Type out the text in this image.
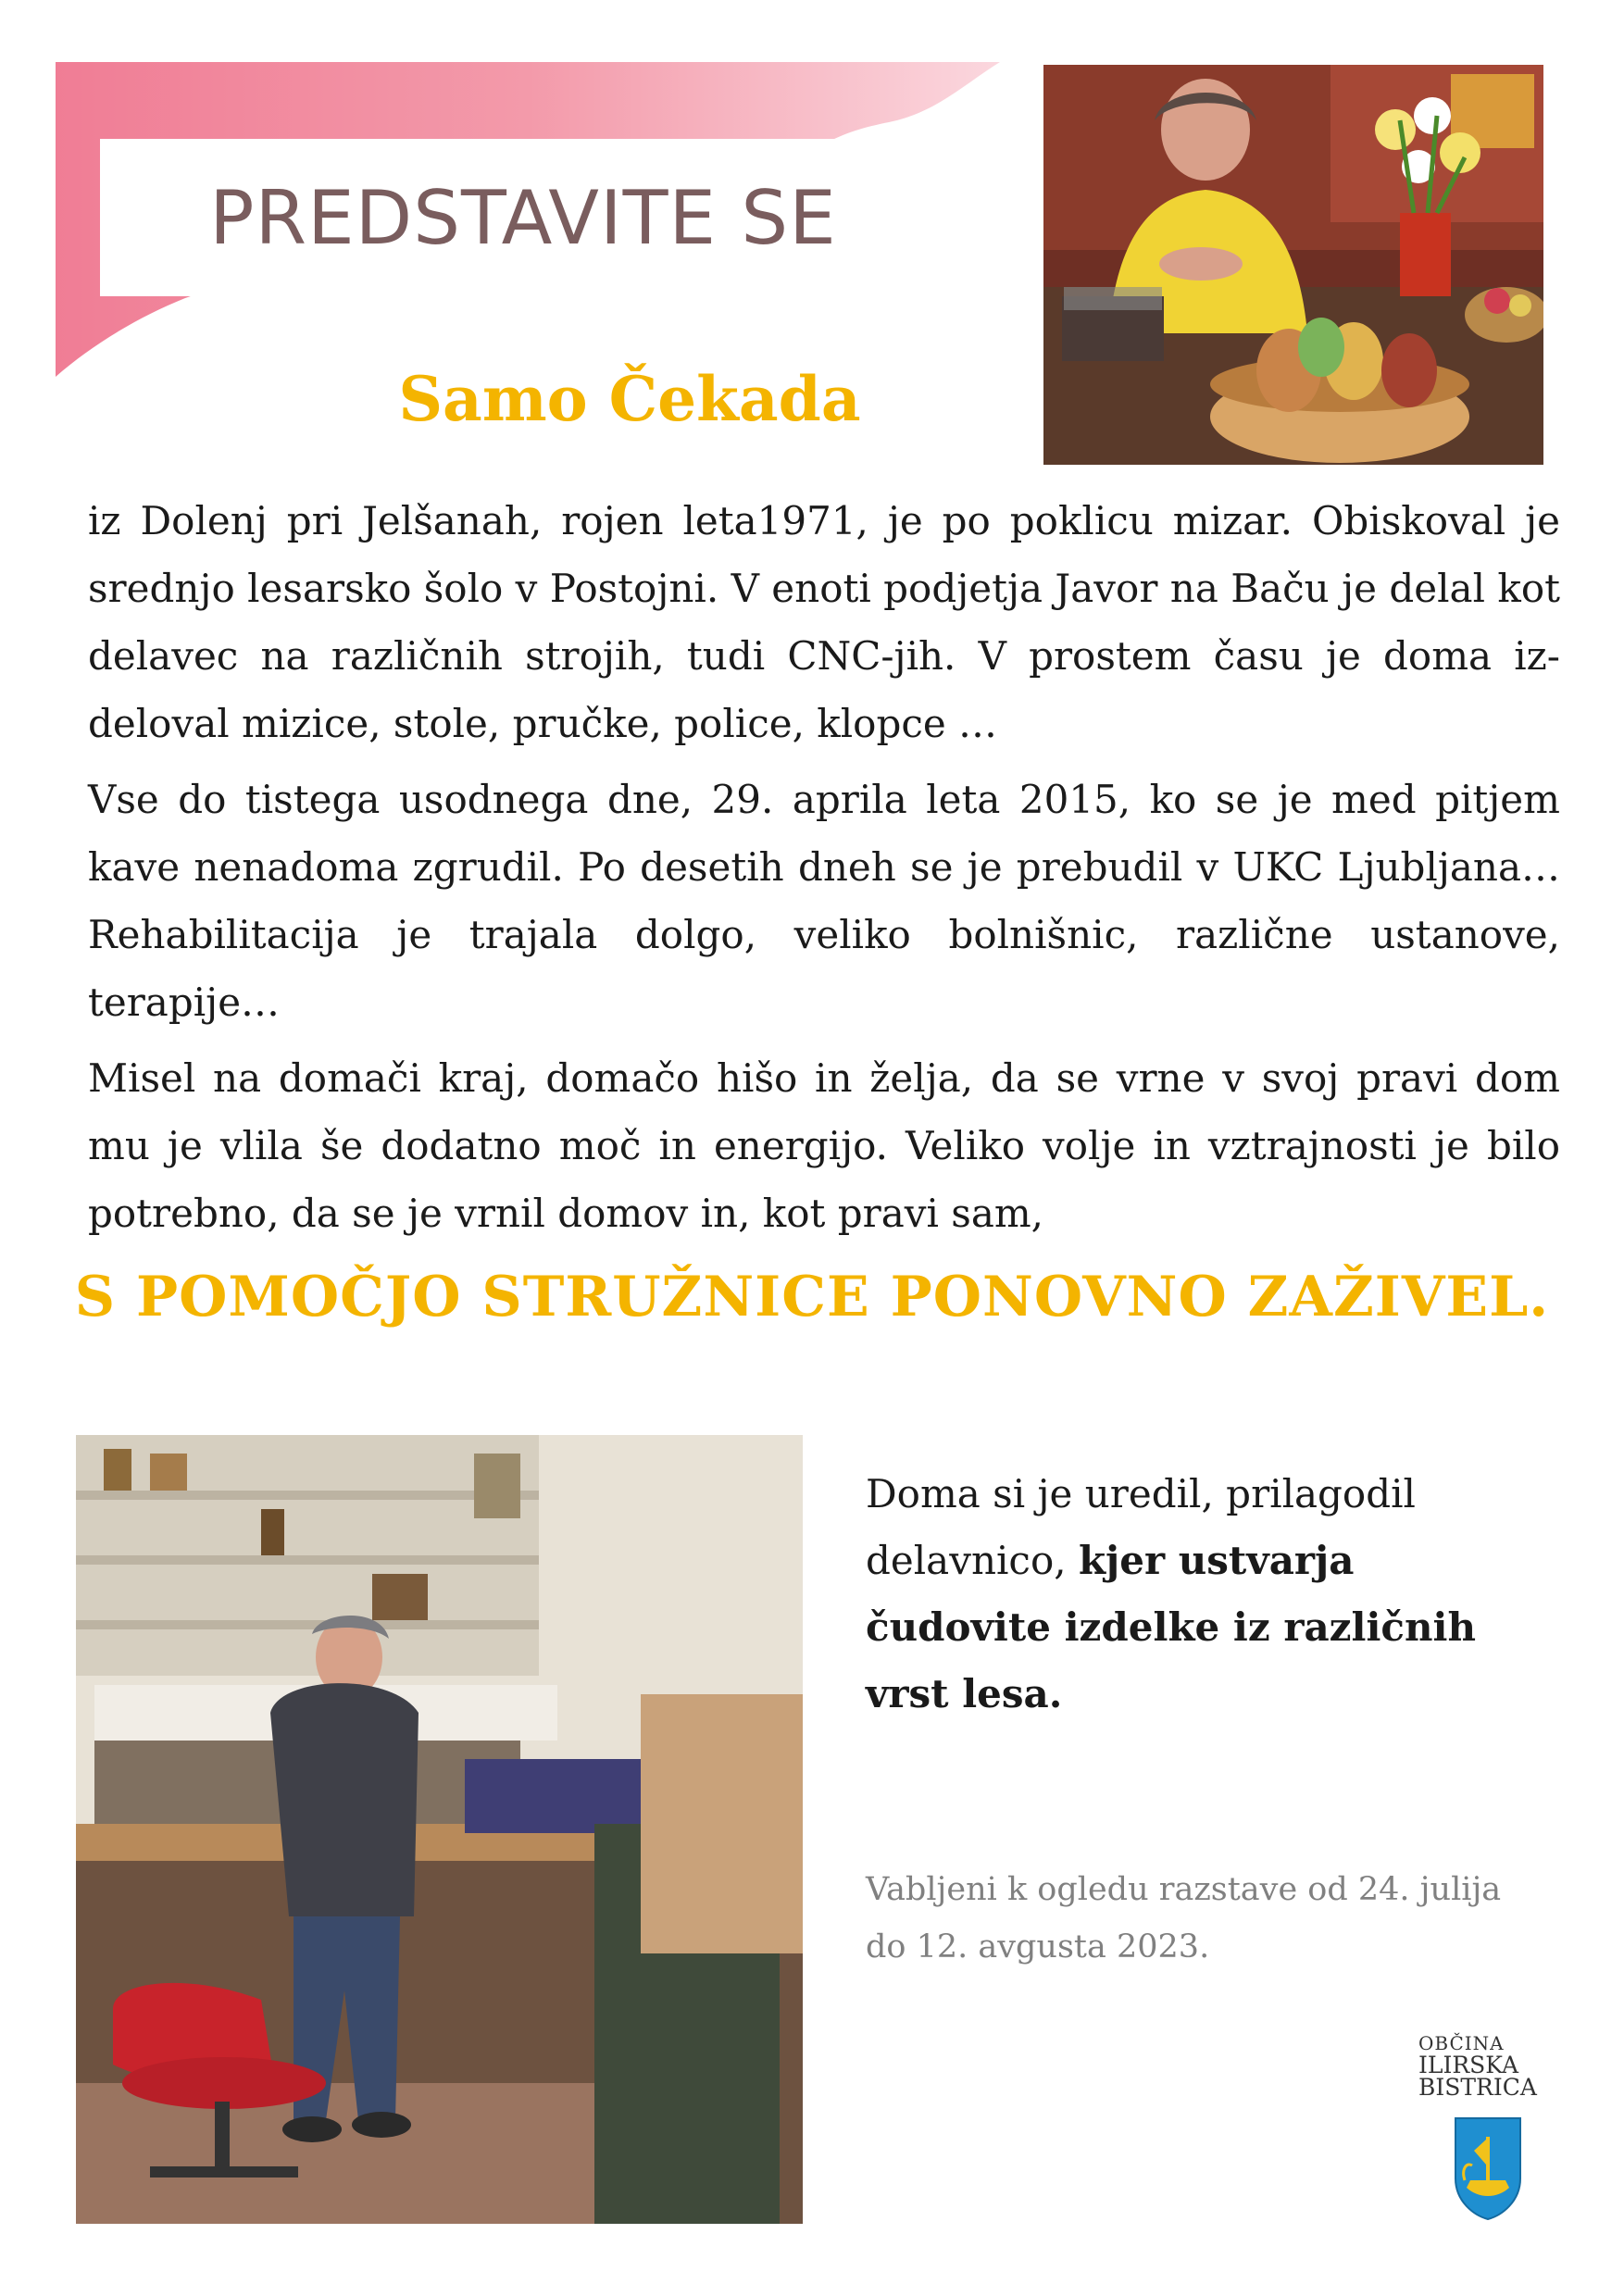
PREDSTAVITE SE
Samo Čekada

iz Dolenj pri Jelšanah, rojen leta1971, je po poklicu mizar. Obiskoval je srednjo lesarsko šolo v Postojni. V enoti podjetja Javor na Baču je delal kot delavec na različnih strojih, tudi CNC-jih. V prostem času je doma iz-deloval mizice, stole, pručke, police, klopce …

Vse do tistega usodnega dne, 29. aprila leta 2015, ko se je med pitjem kave nenadoma zgrudil. Po desetih dneh se je prebudil v UKC Ljubljana… Rehabilitacija je trajala dolgo, veliko bolnišnic, različne ustanove, terapije…

Misel na domači kraj, domačo hišo in želja, da se vrne v svoj pravi dom mu je vlila še dodatno moč in energijo. Veliko volje in vztrajnosti je bilo potrebno, da se je vrnil domov in, kot pravi sam,

S POMOČJO STRUŽNICE PONOVNO ZAŽIVEL.
Doma si je uredil, prilagodil delavnico, kjer ustvarja čudovite izdelke iz različnih vrst lesa.
Vabljeni k ogledu razstave od 24. julija
do 12. avgusta 2023.
OBČINA
ILIRSKA
BISTRICA
